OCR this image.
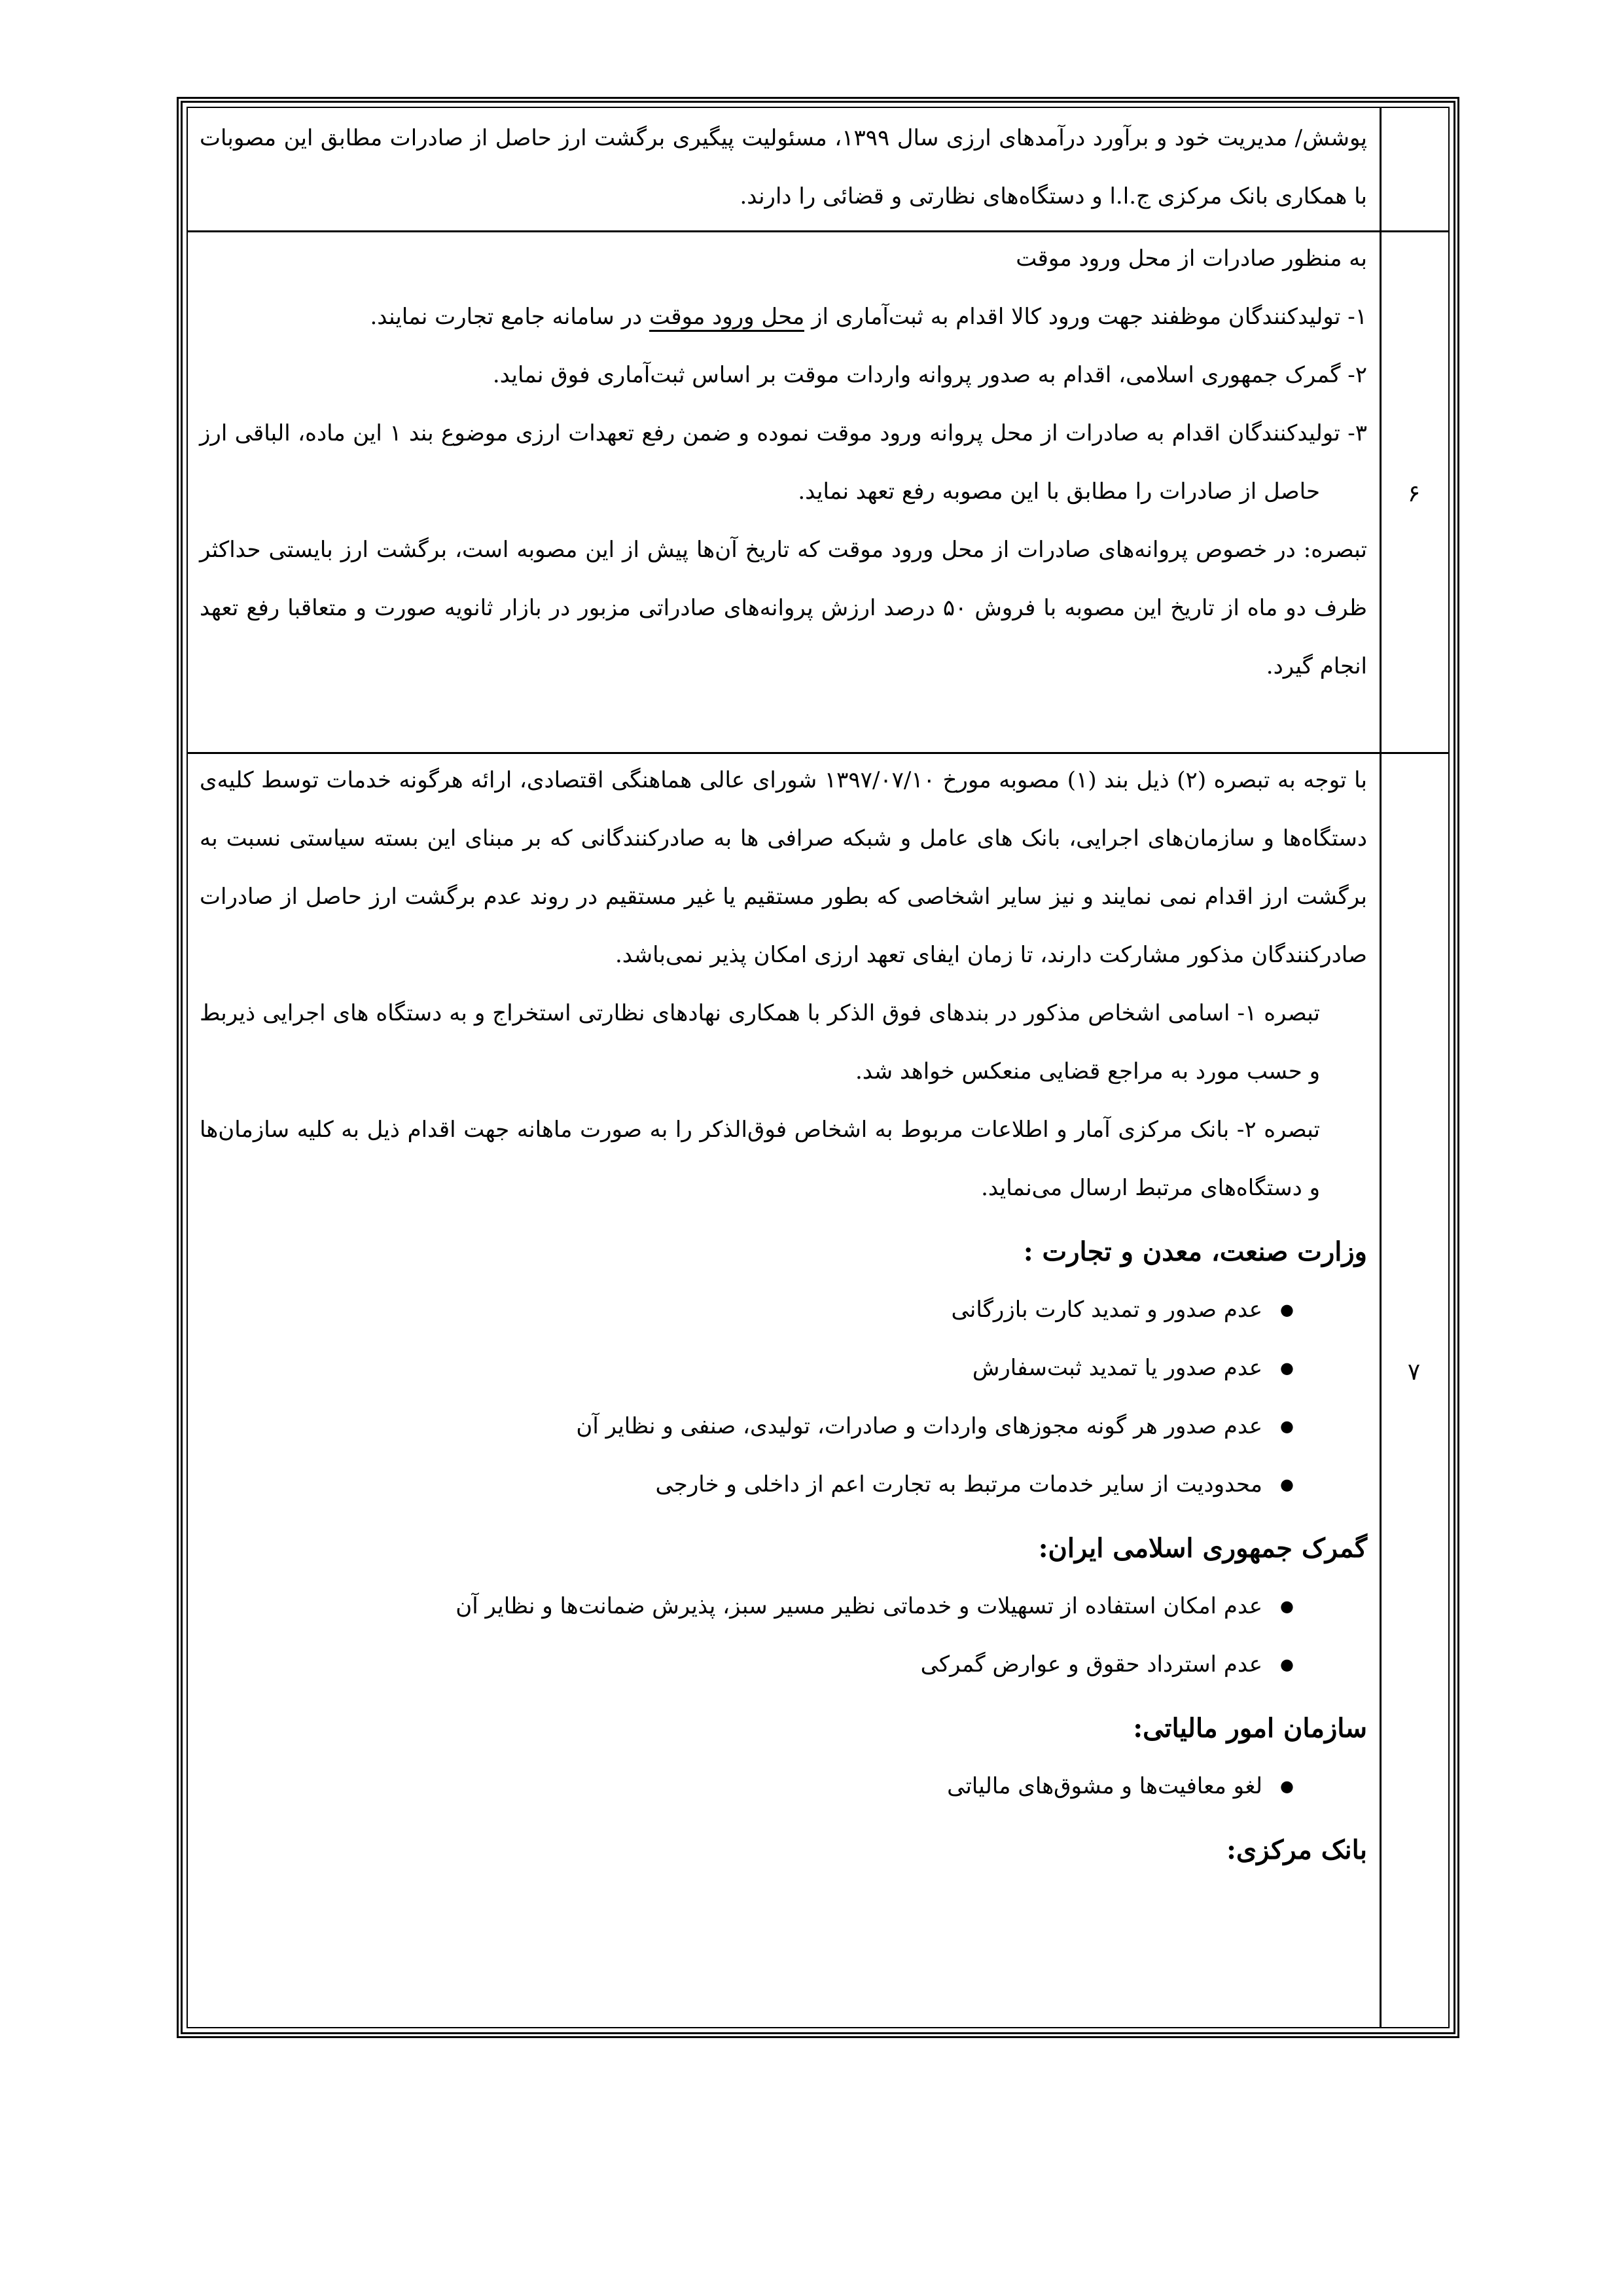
پوشش/ مدیریت خود و برآورد درآمدهای ارزی سال ۱۳۹۹، مسئولیت پیگیری برگشت ارز حاصل از صادرات مطابق این مصوبات با همکاری بانک مرکزی ج.ا.ا و دستگاه‌های نظارتی و قضائی را دارند.

۶

به منظور صادرات از محل ورود موقت

۱- تولیدکنندگان موظفند جهت ورود کالا اقدام به ثبت‌آماری از محل ورود موقت در سامانه جامع تجارت نمایند.

۲- گمرک جمهوری اسلامی، اقدام به صدور پروانه واردات موقت بر اساس ثبت‌آماری فوق نماید.

۳- تولیدکنندگان اقدام به صادرات از محل پروانه ورود موقت نموده و ضمن رفع تعهدات ارزی موضوع بند ۱ این ماده، الباقی ارز حاصل از صادرات را مطابق با این مصوبه رفع تعهد نماید.

تبصره: در خصوص پروانه‌های صادرات از محل ورود موقت که تاریخ آن‌ها پیش از این مصوبه است، برگشت ارز بایستی حداکثر ظرف دو ماه از تاریخ این مصوبه با فروش ۵۰ درصد ارزش پروانه‌های صادراتی مزبور در بازار ثانویه صورت و متعاقبا رفع تعهد انجام گیرد.

۷

با توجه به تبصره (۲) ذیل بند (۱) مصوبه مورخ ۱۳۹۷/۰۷/۱۰ شورای عالی هماهنگی اقتصادی، ارائه هرگونه خدمات توسط کلیه‌ی دستگاه‌ها و سازمان‌های اجرایی، بانک های عامل و شبکه صرافی ها به صادرکنندگانی که بر مبنای این بسته سیاستی نسبت به برگشت ارز اقدام نمی نمایند و نیز سایر اشخاصی که بطور مستقیم یا غیر مستقیم در روند عدم برگشت ارز حاصل از صادرات صادرکنندگان مذکور مشارکت دارند، تا زمان ایفای تعهد ارزی امکان پذیر نمی‌باشد.

تبصره ۱- اسامی اشخاص مذکور در بندهای فوق الذکر با همکاری نهادهای نظارتی استخراج و به دستگاه های اجرایی ذیربط و حسب مورد به مراجع قضایی منعکس خواهد شد.

تبصره ۲- بانک مرکزی آمار و اطلاعات مربوط به اشخاص فوق‌الذکر را به صورت ماهانه جهت اقدام ذیل به کلیه سازمان‌ها و دستگاه‌های مرتبط ارسال می‌نماید.

وزارت صنعت، معدن و تجارت :

● عدم صدور و تمدید کارت بازرگانی
● عدم صدور یا تمدید ثبت‌سفارش
● عدم صدور هر گونه مجوزهای واردات و صادرات، تولیدی، صنفی و نظایر آن
● محدودیت از سایر خدمات مرتبط به تجارت اعم از داخلی و خارجی

گمرک جمهوری اسلامی ایران:

● عدم امکان استفاده از تسهیلات و خدماتی نظیر مسیر سبز، پذیرش ضمانت‌ها و نظایر آن
● عدم استرداد حقوق و عوارض گمرکی

سازمان امور مالیاتی:

● لغو معافیت‌ها و مشوق‌های مالیاتی

بانک مرکزی:
